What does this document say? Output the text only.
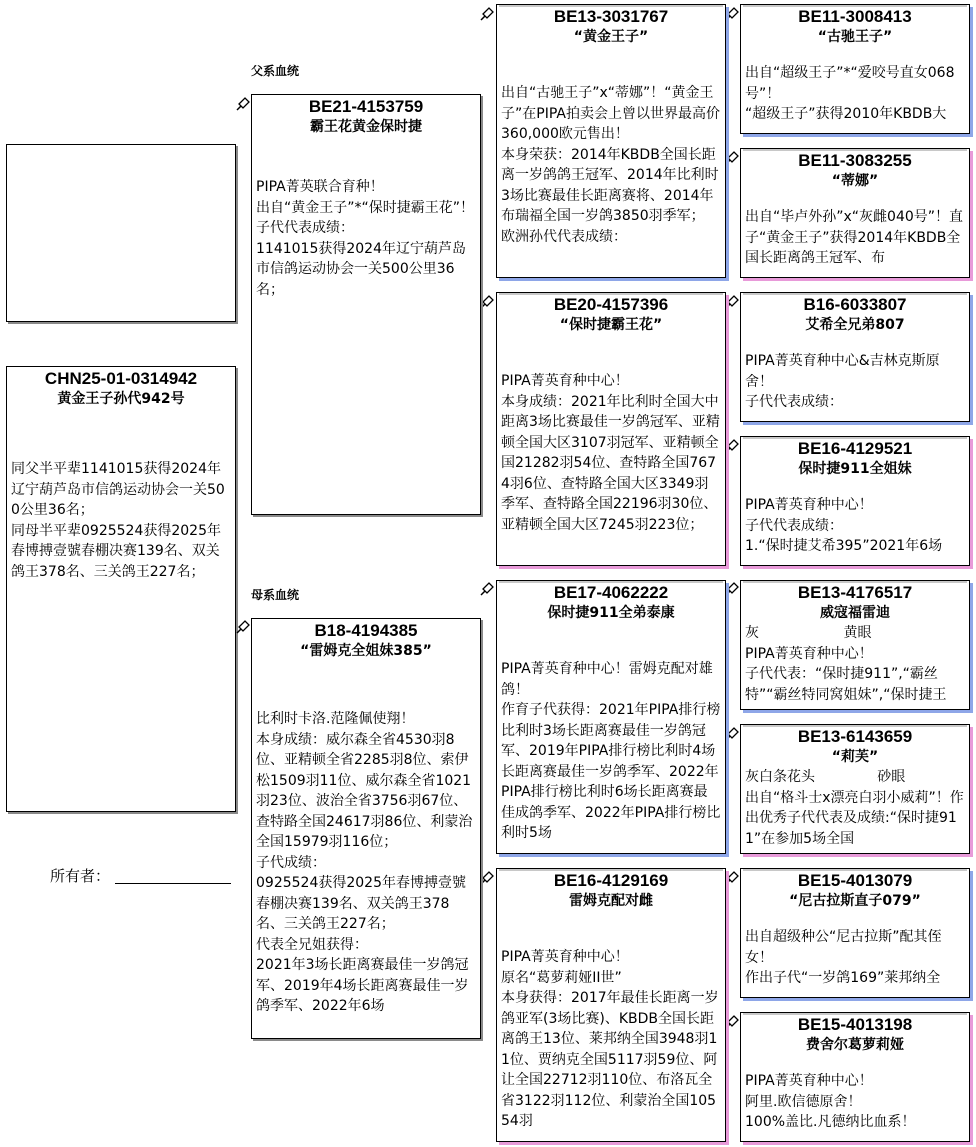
CHN25-01-0314942
黄金王子孙代942号
同父半平辈1141015获得2024年辽宁葫芦岛市信鸽运动协会一关500公里36名；
同母半平辈0925524获得2025年春博搏壹號春棚决赛139名、双关鸽王378名、三关鸽王227名；
所有者：
父系血统
母系血统
BE21-4153759
霸王花黄金保时捷
PIPA菁英联合育种！
出自“黄金王子”*“保时捷霸王花”！
子代代表成绩：
1141015获得2024年辽宁葫芦岛市信鸽运动协会一关500公里36名；
B18-4194385
“雷姆克全姐妹385”
比利时卡洛.范隆佩使翔！
本身成绩：威尔森全省4530羽8位、亚精顿全省2285羽8位、索伊松1509羽11位、威尔森全省1021羽23位、波治全省3756羽67位、查特路全国24617羽86位、利蒙治全国15979羽116位；
子代成绩：
0925524获得2025年春博搏壹號春棚决赛139名、双关鸽王378名、三关鸽王227名；
代表全兄姐获得：
2021年3场长距离赛最佳一岁鸽冠军、2019年4场长距离赛最佳一岁鸽季军、2022年6场
BE13-3031767
“黄金王子”
出自“古驰王子”x“蒂娜”！“黄金王子”在PIPA拍卖会上曾以世界最高价360,000欧元售出！
本身荣获：2014年KBDB全国长距离一岁鸽鸽王冠军、2014年比利时3场比赛最佳长距离赛将、2014年布瑞福全国一岁鸽3850羽季军；
欧洲孙代代表成绩：
BE20-4157396
“保时捷霸王花”
PIPA菁英育种中心！
本身成绩：2021年比利时全国大中距离3场比赛最佳一岁鸽冠军、亚精顿全国大区3107羽冠军、亚精顿全国21282羽54位、查特路全国7674羽6位、查特路全国大区3349羽季军、查特路全国22196羽30位、亚精顿全国大区7245羽223位；
BE17-4062222
保时捷911全弟泰康
PIPA菁英育种中心！雷姆克配对雄鸽！
作育子代获得：2021年PIPA排行榜比利时3场长距离赛最佳一岁鸽冠军、2019年PIPA排行榜比利时4场长距离赛最佳一岁鸽季军、2022年PIPA排行榜比利时6场长距离赛最佳成鸽季军、2022年PIPA排行榜比利时5场
BE16-4129169
雷姆克配对雌
PIPA菁英育种中心！
原名“葛萝莉娅II世”
本身获得：2017年最佳长距离一岁鸽亚军(3场比赛)、KBDB全国长距离鸽王13位、莱邦纳全国3948羽11位、贾纳克全国5117羽59位、阿让全国22712羽110位、布洛瓦全省3122羽112位、利蒙治全国10554羽
BE11-3008413
“古驰王子”
出自“超级王子”*“爱咬号直女068号”！
“超级王子”获得2010年KBDB大
BE11-3083255
“蒂娜”
出自“毕卢外孙”x“灰雌040号”！直子“黄金王子”获得2014年KBDB全国长距离鸽王冠军、布
B16-6033807
艾希全兄弟807
PIPA菁英育种中心&吉林克斯原舍！
子代代表成绩：
BE16-4129521
保时捷911全姐妹
PIPA菁英育种中心！
子代代表成绩：
1.“保时捷艾希395”2021年6场
BE13-4176517
威寇福雷迪
灰                   黄眼
PIPA菁英育种中心！
子代代表：“保时捷911”,“霸丝特”“霸丝特同窝姐妹”,“保时捷王
BE13-6143659
“莉芙”
灰白条花头              砂眼
出自“格斗士x漂亮白羽小威莉”！作出优秀子代代表及成绩:“保时捷911”在参加5场全国
BE15-4013079
“尼古拉斯直子079”
出自超级种公“尼古拉斯”配其侄女！
作出子代“一岁鸽169”莱邦纳全
BE15-4013198
费舍尔葛萝莉娅
PIPA菁英育种中心！
阿里.欧信德原舍！
100%盖比.凡德纳比血系！
